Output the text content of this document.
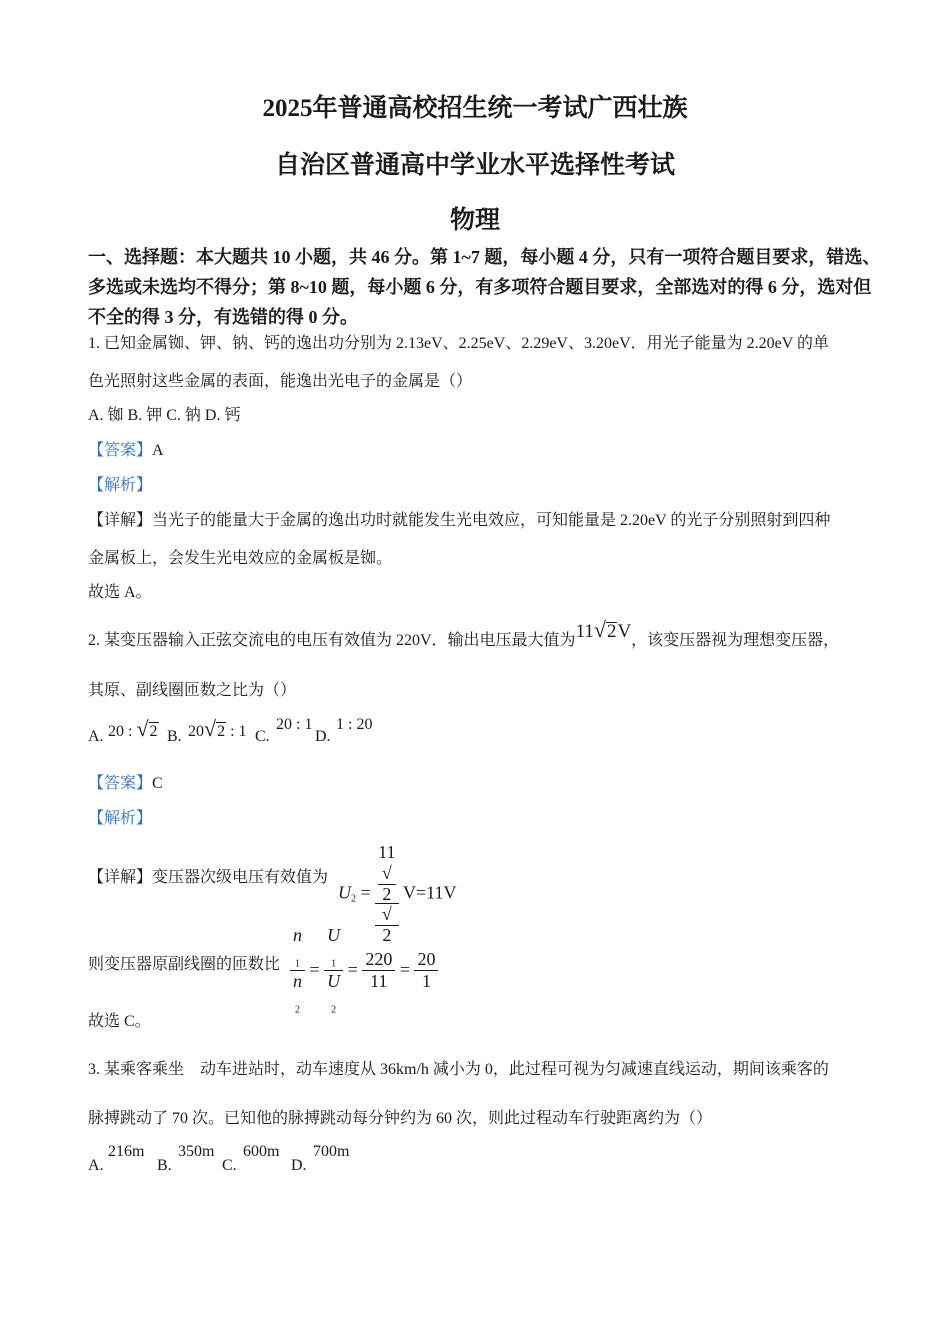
2025年普通高校招生统一考试广西壮族
自治区普通高中学业水平选择性考试
物理
一、选择题：本大题共 10 小题，共 46 分。第 1~7 题，每小题 4 分，只有一项符合题目要求，错选、多选或未选均不得分；第 8~10 题，每小题 6 分，有多项符合题目要求，全部选对的得 6 分，选对但不全的得 3 分，有选错的得 0 分。
1. 已知金属铷、钾、钠、钙的逸出功分别为 2.13eV、2.25eV、2.29eV、3.20eV．用光子能量为 2.20eV 的单
色光照射这些金属的表面，能逸出光电子的金属是（）
A. 铷 B. 钾 C. 钠 D. 钙
【答案】A
【解析】
【详解】当光子的能量大于金属的逸出功时就能发生光电效应，可知能量是 2.20eV 的光子分别照射到四种
金属板上，会发生光电效应的金属板是铷。
故选 A。
2. 某变压器输入正弦交流电的电压有效值为 220V．输出电压最大值为11√2V，该变压器视为理想变压器，
其原、副线圈匝数之比为（）
A. 20 : √2 B. 20√2 : 1 C.
20 : 1
D.
1 : 20
【答案】C
【解析】
【详解】变压器次级电压有效值为
$U_2 = 11$
√
2
√
2 V=11V
则变压器原副线圈的匝数比 n
$_1$
n
$_2$ = U
$_1$
U
$_2 = \frac{220}{11} = \frac{20}{1}$
故选 C。
3. 某乘客乘坐　动车进站时，动车速度从 36km/h 减小为 0，此过程可视为匀减速直线运动，期间该乘客的
脉搏跳动了 70 次。已知他的脉搏跳动每分钟约为 60 次，则此过程动车行驶距离约为（）
A.
216m
B.
350m
C.
600m
D.
700m
